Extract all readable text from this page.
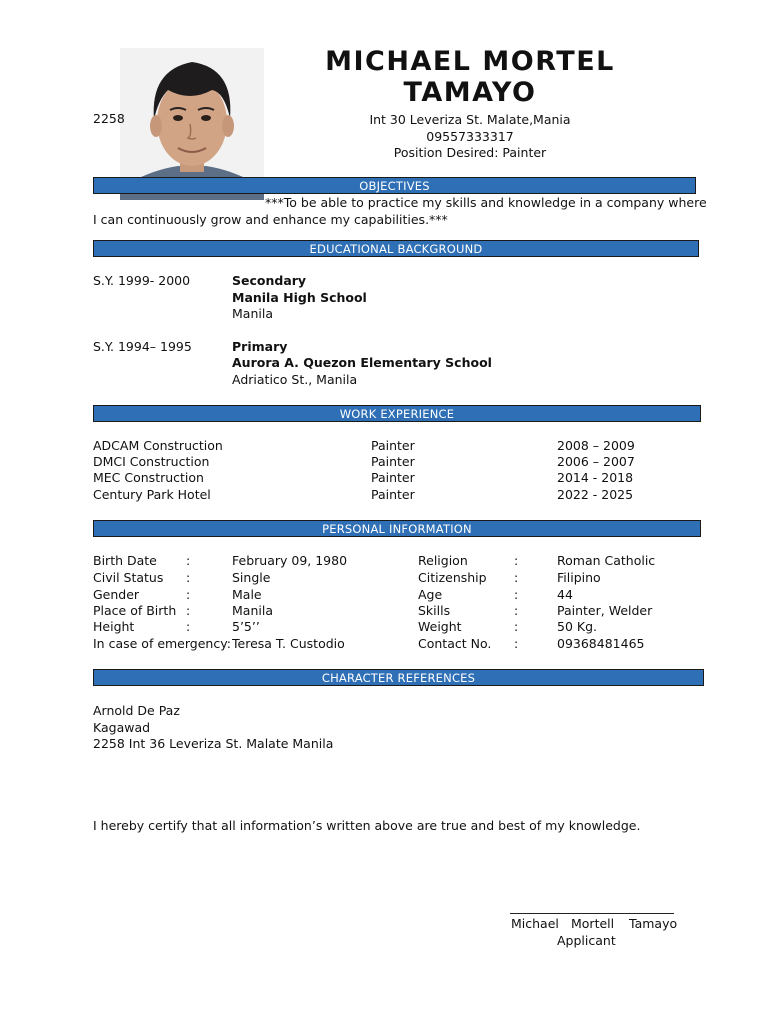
MICHAEL MORTEL
TAMAYO
2258	Int 30 Leveriza St. Malate,Mania
09557333317
Position Desired: Painter
OBJECTIVES
***To be able to practice my skills and knowledge in a company where
I can continuously grow and enhance my capabilities.***
EDUCATIONAL BACKGROUND
S.Y. 1999- 2000	Secondary
Manila High School
Manila
S.Y. 1994– 1995	Primary
Aurora A. Quezon Elementary School
Adriatico St., Manila
WORK EXPERIENCE
ADCAM Construction	Painter	2008 – 2009
DMCI Construction	Painter	2006 – 2007
MEC Construction	Painter	2014 - 2018
Century Park Hotel	Painter	2022 - 2025
PERSONAL INFORMATION
Birth Date :	February 09, 1980	Religion	:	Roman Catholic
Civil Status :	Single	Citizenship :	Filipino
Gender	:	Male	Age	:	44
Place of Birth :	Manila	Skills	:	Painter, Welder
Height	:	5’5’’	Weight	:	50 Kg.
In case of emergency: Teresa T. Custodio	Contact No. :	09368481465
CHARACTER REFERENCES
Arnold De Paz
Kagawad
2258 Int 36 Leveriza St. Malate Manila
I hereby certify that all information’s written above are true and best of my knowledge.
Michael Mortell Tamayo
Applicant
